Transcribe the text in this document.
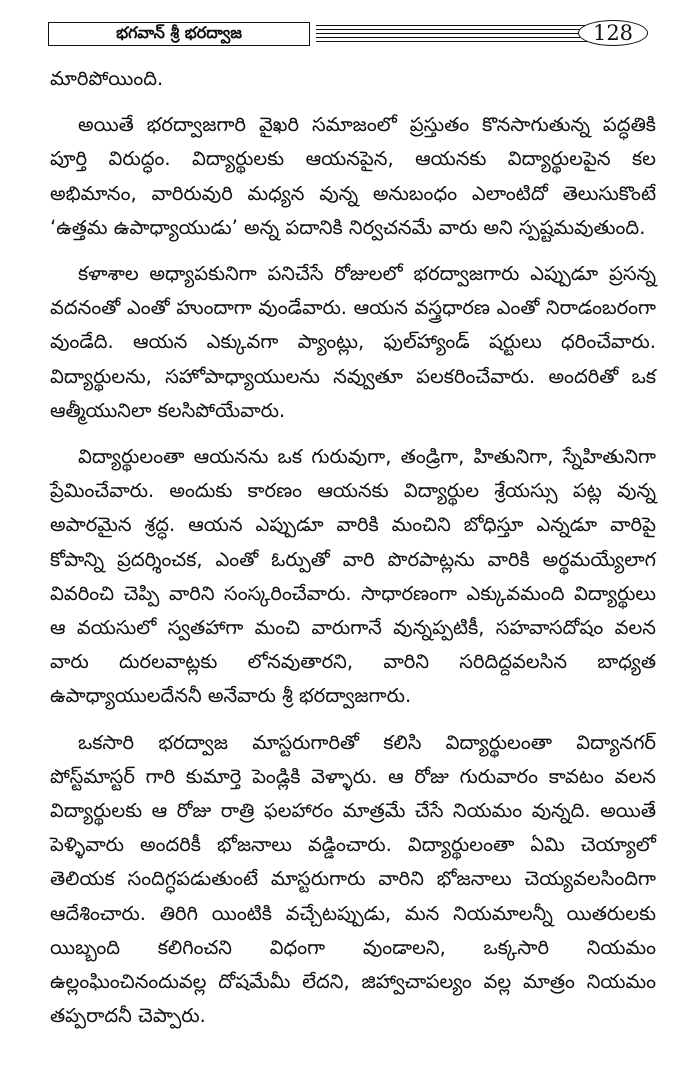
భగవాన్ శ్రీ భరద్వాజ	128

మారిపోయింది.

అయితే భరద్వాజగారి వైఖరి సమాజంలో ప్రస్తుతం కొనసాగుతున్న పద్ధతికి పూర్తి విరుద్ధం. విద్యార్థులకు ఆయనపైన, ఆయనకు విద్యార్థులపైన కల అభిమానం, వారిరువురి మధ్యన వున్న అనుబంధం ఎలాంటిదో తెలుసుకొంటే ‘ఉత్తమ ఉపాధ్యాయుడు’ అన్న పదానికి నిర్వచనమే వారు అని స్పష్టమవుతుంది.

కళాశాల అధ్యాపకునిగా పనిచేసే రోజులలో భరద్వాజగారు ఎప్పుడూ ప్రసన్న వదనంతో ఎంతో హుందాగా వుండేవారు. ఆయన వస్త్రధారణ ఎంతో నిరాడంబరంగా వుండేది. ఆయన ఎక్కువగా ప్యాంట్లు, ఫుల్‌హ్యాండ్ షర్టులు ధరించేవారు. విద్యార్థులను, సహోపాధ్యాయులను నవ్వుతూ పలకరించేవారు. అందరితో ఒక ఆత్మీయునిలా కలసిపోయేవారు.

విద్యార్థులంతా ఆయనను ఒక గురువుగా, తండ్రిగా, హితునిగా, స్నేహితునిగా ప్రేమించేవారు. అందుకు కారణం ఆయనకు విద్యార్థుల శ్రేయస్సు పట్ల వున్న అపారమైన శ్రద్ధ. ఆయన ఎప్పుడూ వారికి మంచిని బోధిస్తూ ఎన్నడూ వారిపై కోపాన్ని ప్రదర్శించక, ఎంతో ఓర్పుతో వారి పొరపాట్లను వారికి అర్థమయ్యేలాగ వివరించి చెప్పి వారిని సంస్కరించేవారు. సాధారణంగా ఎక్కువమంది విద్యార్థులు ఆ వయసులో స్వతహాగా మంచి వారుగానే వున్నప్పటికీ, సహవాసదోషం వలన వారు దురలవాట్లకు లోనవుతారని, వారిని సరిదిద్దవలసిన బాధ్యత ఉపాధ్యాయులదేననీ అనేవారు శ్రీ భరద్వాజగారు.

ఒకసారి భరద్వాజ మాస్టరుగారితో కలిసి విద్యార్థులంతా విద్యానగర్ పోస్ట్‌మాస్టర్ గారి కుమార్తె పెండ్లికి వెళ్ళారు. ఆ రోజు గురువారం కావటం వలన విద్యార్థులకు ఆ రోజు రాత్రి ఫలహారం మాత్రమే చేసే నియమం వున్నది. అయితే పెళ్ళివారు అందరికీ భోజనాలు వడ్డించారు. విద్యార్థులంతా ఏమి చెయ్యాలో తెలియక సందిగ్ధపడుతుంటే మాస్టరుగారు వారిని భోజనాలు చెయ్యవలసిందిగా ఆదేశించారు. తిరిగి యింటికి వచ్చేటప్పుడు, మన నియమాలన్నీ యితరులకు యిబ్బంది కలిగించని విధంగా వుండాలని, ఒక్కసారి నియమం ఉల్లంఘించినందువల్ల దోషమేమీ లేదని, జిహ్వాచాపల్యం వల్ల మాత్రం నియమం తప్పరాదనీ చెప్పారు.
